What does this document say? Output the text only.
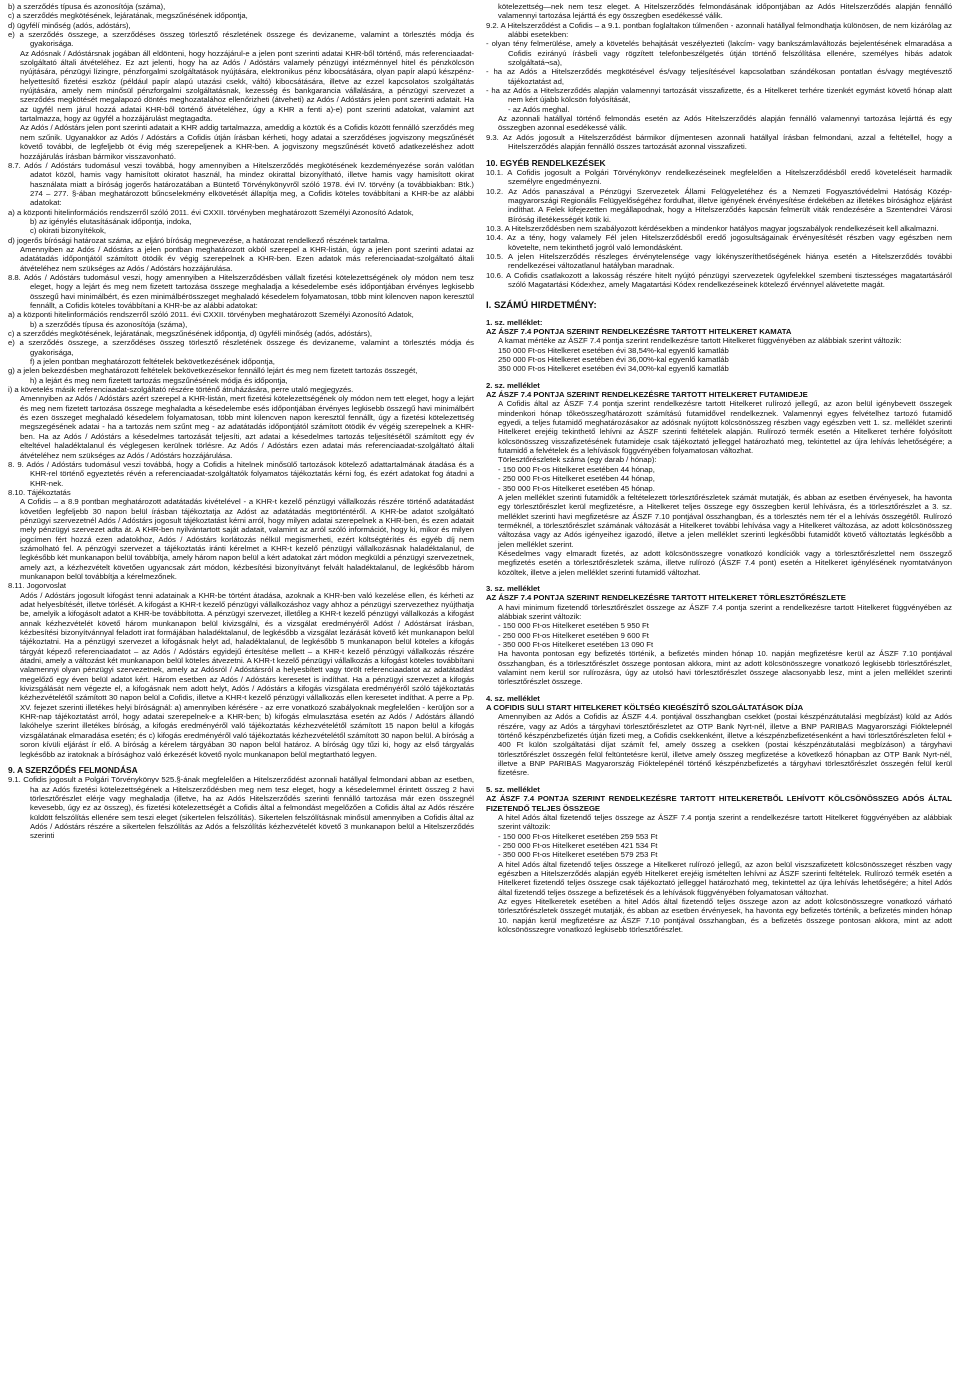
b) a szerződés típusa és azonosítója (száma),

c) a szerződés megkötésének, lejáratának, megszűnésének időpontja,

d) ügyfélí minőség (adós, adóstárs),

e) a szerződés összege, a szerződéses összeg törlesztő részletének összege és devizaneme, valamint a törlesztés módja és gyakorisága.

Az Adósnak / Adóstársnak jogában áll eldönteni, hogy hozzájárul-e a jelen pont szerinti adatai KHR-ből történő, más referenciaadat-szolgáltató általi átvételéhez. Ez azt jelenti, hogy ha az Adós / Adóstárs valamely pénzügyi intézménnyel hitel és pénzkölcsön nyújtására, pénzügyi lízingre, pénzforgalmi szolgáltatások nyújtására, elektronikus pénz kibocsátására, olyan papír alapú készpénz-helyettesítő fizetési eszköz (például papír alapú utazási csekk, váltó) kibocsátására, illetve az ezzel kapcsolatos szolgáltatás nyújtására, amely nem minősül pénzforgalmi szolgáltatásnak, kezesség és bankgarancia vállalására, a pénzügyi szervezet a szerződés megkötését megalapozó döntés meghozatalához ellenőrizheti (átveheti) az Adós / Adóstárs jelen pont szerinti adatait. Ha az ügyfél nem járul hozzá adatai KHR-ből történő átvételéhez, úgy a KHR a fenti a)-e) pont szerinti adatokat, valamint azt tartalmazza, hogy az ügyfél a hozzájárulást megtagadta.

Az Adós / Adóstárs jelen pont szerinti adatait a KHR addig tartalmazza, ameddig a köztük és a Cofidis között fennálló szerződés meg nem szűnik. Ugyanakkor az Adós / Adóstárs a Cofidis útján írásban kérheti, hogy adatai a szerződéses jogviszony megszűnését követő további, de legfeljebb öt évig még szerepeljenek a KHR-ben. A jogviszony megszűnését követő adatkezeléshez adott hozzájárulás írásban bármikor visszavonható.

8.7. Adós / Adóstárs tudomásul veszi továbbá, hogy amennyiben a Hitelszerződés megkötésének kezdeményezése során valótlan adatot közöl, hamis vagy hamisított okiratot használ, ha mindez okirattal bizonyítható, illetve hamis vagy hamisított okirat használata miatt a bíróság jogerős határozatában a Büntető Törvénykönyvről szóló 1978. évi IV. törvény (a továbbiakban: Btk.) 274 – 277. §-ában meghatározott bűncselekmény elkövetését állapítja meg, a Cofidis köteles továbbítani a KHR-be az alábbi adatokat:

a) a központi hitelinformációs rendszerről szóló 2011. évi CXXII. törvényben meghatározott Személyi Azonosító Adatok,

b) az igénylés elutasításának időpontja, indoka,

c) okirati bizonyítékok,

d) jogerős bírósági határozat száma, az eljáró bíróság megnevezése, a határozat rendelkező részének tartalma.

Amennyiben az Adós / Adóstárs a jelen pontban meghatározott okból szerepel a KHR-listán, úgy a jelen pont szerinti adatai az adatátadás időpontjától számított ötödik év végig szerepelnek a KHR-ben. Ezen adatok más referenciaadat-szolgáltató általi átvételéhez nem szükséges az Adós / Adóstárs hozzájárulása.

8.8. Adós / Adóstárs tudomásul veszi, hogy amennyiben a Hitelszerződésben vállalt fizetési kötelezettségének oly módon nem tesz eleget, hogy a lejárt és meg nem fizetett tartozása összege meghaladja a késedelembe esés időpontjában érvényes legkisebb összegű havi minimálbért, és ezen minimálbérösszeget meghaladó késedelem folyamatosan, több mint kilencven napon keresztül fennállt, a Cofidis köteles továbbítani a KHR-be az alábbi adatokat:

a) a központi hitelinformációs rendszerről szóló 2011. évi CXXII. törvényben meghatározott Személyi Azonosító Adatok,

b) a szerződés típusa és azonosítója (száma),

c) a szerződés megkötésének, lejáratának, megszűnésének időpontja, d) ügyféli minőség (adós, adóstárs),

e) a szerződés összege, a szerződéses összeg törlesztő részletének összege és devizaneme, valamint a törlesztés módja és gyakorisága,

f) a jelen pontban meghatározott feltételek bekövetkezésének időpontja,

g) a jelen bekezdésben meghatározott feltételek bekövetkezésekor fennálló lejárt és meg nem fizetett tartozás összegét,

h) a lejárt és meg nem fizetett tartozás megszűnésének módja és időpontja,

i) a követelés másik referenciaadat-szolgáltató részére történő átruházására, perre utaló megjegyzés.

Amennyiben az Adós / Adóstárs azért szerepel a KHR-listán, mert fizetési kötelezettségének oly módon nem tett eleget, hogy a lejárt és meg nem fizetett tartozása összege meghaladta a késedelembe esés időpontjában érvényes legkisebb összegű havi minimálbért és ezen összeget meghaladó késedelem folyamatosan, több mint kilencven napon keresztül fennállt, úgy a fizetési kötelezettség megszegésének adatai - ha a tartozás nem szűnt meg - az adatátadás időpontjától számított ötödik év végéig szerepelnek a KHR-ben. Ha az Adós / Adóstárs a késedelmes tartozását teljesíti, azt adatai a késedelmes tartozás teljesítésétől számított egy év elteltével haladéktalanul és véglegesen kerülnek törlésre. Az Adós / Adóstárs ezen adatai más referenciaadat-szolgáltató általi átvételéhez nem szükséges az Adós / Adóstárs hozzájárulása.

8. 9. Adós / Adóstárs tudomásul veszi továbbá, hogy a Cofidis a hitelnek minősülő tartozások kötelező adattartalmának átadása és a KHR-rel történő egyeztetés révén a referenciaadat-szolgáltatók folyamatos tájékoztatás kérni fog, és ezért adatokat fog átadni a KHR-nek.

8.10. Tájékoztatás

A Cofidis – a 8.9 pontban meghatározott adatátadás kivételével - a KHR-t kezelő pénzügyi vállalkozás részére történő adatátadást követően legfeljebb 30 napon belül írásban tájékoztatja az Adóst az adatátadás megtörténtéről. A KHR-be adatot szolgáltató pénzügyi szervezetnél Adós / Adóstárs jogosult tájékoztatást kérni arról, hogy milyen adatai szerepelnek a KHR-ben, és ezen adatait mely pénzügyi szervezet adta át. A KHR-ben nyilvántartott saját adatait, valamint az arról szóló információt, hogy ki, mikor és milyen jogcímen fért hozzá ezen adatokhoz, Adós / Adóstárs korlátozás nélkül megismerheti, ezért költségtérítés és egyéb díj nem számolható fel. A pénzügyi szervezet a tájékoztatás iránti kérelmet a KHR-t kezelő pénzügyi vállalkozásnak haladéktalanul, de legkésőbb két munkanapon belül továbbítja, amely három napon belül a kért adatokat zárt módon megküldi a pénzügyi szervezetnek, amely azt, a kézhezvételt követően ugyancsak zárt módon, kézbesítési bizonyítványt felvált haladéktalanul, de legkésőbb három munkanapon belül továbbítja a kérelmezőnek.

8.11. Jogorvoslat

Adós / Adóstárs jogosult kifogást tenni adatainak a KHR-be történt átadása, azoknak a KHR-ben való kezelése ellen, és kérheti az adat helyesbítését, illetve törlését. A kifogást a KHR-t kezelő pénzügyi vállalkozáshoz vagy ahhoz a pénzügyi szervezethez nyújthatja be, amelyik a kifogásolt adatot a KHR-be továbbította. A pénzügyi szervezet, illetőleg a KHR-t kezelő pénzügyi vállalkozás a kifogást annak kézhezvételét követő három munkanapon belül kivizsgálni, és a vizsgálat eredményéről Adóst / Adóstársat írásban, kézbesítési bizonyítvánnyal feladott irat formájában haladéktalanul, de legkésőbb a vizsgálat lezárását követő két munkanapon belül tájékoztatni. Ha a pénzügyi szervezet a kifogásnak helyt ad, haladéktalanul, de legkésőbb 5 munkanapon belül köteles a kifogás tárgyát képező referenciaadatot – az Adós / Adóstárs egyidejű értesítése mellett – a KHR-t kezelő pénzügyi vállalkozás részére átadni, amely a változást két munkanapon belül köteles átvezetni. A KHR-t kezelő pénzügyi vállalkozás a kifogást köteles továbbítani valamennyi olyan pénzügyi szervezetnek, amely az Adósról / Adóstársról a helyesbített vagy törölt referenciaadatot az adatátadást megelőző egy éven belül adatot kért. Három esetben az Adós / Adóstárs keresetet is indíthat. Ha a pénzügyi szervezet a kifogás kivizsgálását nem végezte el, a kifogásnak nem adott helyt, Adós / Adóstárs a kifogás vizsgálata eredményéről szóló tájékoztatás kézhezvételétől számított 30 napon belül a Cofidis, illetve a KHR-t kezelő pénzügyi vállalkozás ellen keresetet indíthat. A perre a Pp. XV. fejezet szerinti illetékes helyi bíróságnál: a) amennyiben kérésére - az erre vonatkozó szabályoknak megfelelően - kerüljön sor a KHR-nap tájékoztatást arról, hogy adatai szerepelnek-e a KHR-ben; b) kifogás elmulasztása esetén az Adós / Adóstárs állandó lakóhelye szerint illetékes bíróság, a kifogás eredményéről való tájékoztatás kézhezvételétől számított 15 napon belül a kifogás vizsgálatának elmaradása esetén; és c) kifogás eredményéről való tájékoztatás kézhezvételétől számított 30 napon belül. A bíróság a soron kívüli eljárást ír elő. A bíróság a kérelem tárgyában 30 napon belül határoz. A bíróság ügy tűzi ki, hogy az első tárgyalás legkésőbb az iratoknak a bírósághoz való érkezését követő nyolc munkanapon belül megtartható legyen.

9. A SZERZŐDÉS FELMONDÁSA

9.1. Cofidis jogosult a Polgári Törvénykönyv 525.§-ának megfelelően a Hitelszerződést azonnali hatállyal felmondani abban az esetben, ha az Adós fizetési kötelezettségének a Hitelszerződésben meg nem tesz eleget, hogy a késedelemmel érintett összeg 2 havi törlesztőrészlet elérje vagy meghaladja (illetve, ha az Adós Hitelszerződés szerinti fennálló tartozása már ezen összegnél kevesebb, úgy ez az összeg), és fizetési kötelezettségét a Cofidis által a felmondást megelőzően a Cofidis által az Adós részére küldött felszólítás ellenére sem teszi eleget (sikertelen felszólítás). Sikertelen felszólításnak minősül amennyiben a Cofidis által az Adós / Adóstárs részére a sikertelen felszólítás az Adós a felszólítás kézhezvételét követő 3 munkanapon belül a Hitelszerződés szerinti

kötelezettség—nek nem tesz eleget. A Hitelszerződés felmondásának időpontjában az Adós Hitelszerződés alapján fennálló valamennyi tartozása lejárttá és egy összegben esedékessé válik.

9.2. A Hitelszerződést a Cofidis – a 9.1. pontban foglaltakon túlmenően - azonnali hatállyal felmondhatja különösen, de nem kizárólag az alábbi esetekben:

- olyan tény felmerülése, amely a követelés behajtását veszélyezteti (lakcím- vagy bankszámlaváltozás bejelentésének elmaradása a Cofidis ezirányú írásbeli vagy rögzített telefonbeszélgetés útján történő felszólítása ellenére, személyes hibás adatok szolgáltatá¬sa),

- ha az Adós a Hitelszerződés megkötésével és/vagy teljesítésével kapcsolatban szándékosan pontatlan és/vagy megtévesztő tájékoztatást ad,

- ha az Adós a Hitelszerződés alapján valamennyi tartozását visszafizette, és a Hitelkeret terhére tizenkét egymást követő hónap alatt nem kért újabb kölcsön folyósítását,

- az Adós meghal.

Az azonnali hatállyal történő felmondás esetén az Adós Hitelszerződés alapján fennálló valamennyi tartozása lejárttá és egy összegben azonnal esedékessé válik.

9.3. Az Adós jogosult a Hitelszerződést bármikor díjmentesen azonnali hatállyal írásban felmondani, azzal a feltétellel, hogy a Hitelszerződés alapján fennálló összes tartozását azonnal visszafizeti.

10. EGYÉB RENDELKEZÉSEK

10.1. A Cofidis jogosult a Polgári Törvénykönyv rendelkezéseinek megfelelően a Hitelszerződésből eredő követeléseit harmadik személyre engedményezni.

10.2. Az Adós panaszával a Pénzügyi Szervezetek Állami Felügyeletéhez és a Nemzeti Fogyasztóvédelmi Hatóság Közép-magyarországi Regionális Felügyelőségéhez fordulhat, illetve igényének érvényesítése érdekében az illetékes bírósághoz eljárást indíthat. A Felek kifejezetten megállapodnak, hogy a Hitelszerződés kapcsán felmerült viták rendezésére a Szentendrei Városi Bíróság illetékességét kötik ki.

10.3. A Hitelszerződésben nem szabályozott kérdésekben a mindenkor hatályos magyar jogszabályok rendelkezéseit kell alkalmazni.

10.4. Az a tény, hogy valamely Fél jelen Hitelszerződésből eredő jogosultságainak érvényesítését részben vagy egészben nem követelte, nem tekinthető jogról való lemondásként.

10.5. A jelen Hitelszerződés részleges érvénytelensége vagy kikényszeríthetőségének hiánya esetén a Hitelszerződés további rendelkezései változatlanul hatályban maradnak.

10.6. A Cofidis csatlakozott a lakosság részére hitelt nyújtó pénzügyi szervezetek ügyfelekkel szembeni tisztességes magatartásáról szóló Magatartási Kódexhez, amely Magatartási Kódex rendelkezéseinek kötelező érvénnyel alávetette magát.

I. SZÁMÚ HIRDETMÉNY:

1. sz. melléklet:

AZ ÁSZF 7.4 PONTJA SZERINT RENDELKEZÉSRE TARTOTT HITELKERET KAMATA

A kamat mértéke az ÁSZF 7.4 pontja szerint rendelkezésre tartott Hitelkeret függvényében az alábbiak szerint változik:

150 000 Ft-os Hitelkeret esetében évi 38,54%-kal egyenlő kamatláb

250 000 Ft-os Hitelkeret esetében évi 36,00%-kal egyenlő kamatláb

350 000 Ft-os Hitelkeret esetében évi 34,00%-kal egyenlő kamatláb

2. sz. melléklet

AZ ÁSZF 7.4 PONTJA SZERINT RENDELKEZÉSRE TARTOTT HITELKERET FUTAMIDEJE

A Cofidis által az ÁSZF 7.4 pontja szerint rendelkezésre tartott Hitelkeret rulírozó jellegű, az azon belül igénybevett összegek mindenkori hónap tőkeösszeg/határozott számítású futamidővel rendelkeznek. Valamennyi egyes felvételhez tartozó futamidő egyedi, a teljes futamidő meghatározásakor az adósnak nyújtott kölcsönösszeg részben vagy egészben vett 1. sz. melléklet szerinti Hitelkeret erejéig tekinthető lehívni az ÁSZF szerinti feltételek alapján. Rulírozó termék esetén a Hitelkeret terhére folyósított kölcsönösszeg visszafizetésének futamideje csak tájékoztató jelleggel határozható meg, tekintettel az újra lehívás lehetőségére; a futamidő a felvételek és a lehívások függvényében folyamatosan változhat.

Törlesztőrészletek száma (egy darab / hónap):

- 150 000 Ft-os Hitelkeret esetében 44 hónap,

- 250 000 Ft-os Hitelkeret esetében 44 hónap,

- 350 000 Ft-os Hitelkeret esetében 45 hónap.

A jelen melléklet szerinti futamidők a feltételezett törlesztőrészletek számát mutatják, és abban az esetben érvényesek, ha havonta egy törlesztőrészlet kerül megfizetésre, a Hitelkeret teljes összege egy összegben kerül lehívásra, és a törlesztőrészlet a 3. sz. melléklet szerinti havi megfizetésre az ÁSZF 7.10 pontjával összhangban, és a törlesztés nem tér el a lehívás összegétől. Rulírozó terméknél, a törlesztőrészlet számának változását a Hitelkeret további lehívása vagy a Hitelkeret változása, az adott kölcsönösszeg változása vagy az Adós igényeihez igazodó, illetve a jelen melléklet szerinti legkésőbbi futamidőt követő változtatás legkésőbb a jelen melléklet szerint.

Késedelmes vagy elmaradt fizetés, az adott kölcsönösszegre vonatkozó kondíciók vagy a törlesztőrészlettel nem összegző megfizetés esetén a törlesztőrészletek száma, illetve rulírozó (ÁSZF 7.4 pont) esetén a Hitelkeret igénylésének nyomtatványon közöltek, illetve a jelen melléklet szerinti futamidő változhat.

3. sz. melléklet

AZ ÁSZF 7.4 PONTJA SZERINT RENDELKEZÉSRE TARTOTT HITELKERET TÖRLESZTŐRÉSZLETE

A havi minimum fizetendő törlesztőrészlet összege az ÁSZF 7.4 pontja szerint a rendelkezésre tartott Hitelkeret függvényében az alábbiak szerint változik:

- 150 000 Ft-os Hitelkeret esetében 5 950 Ft

- 250 000 Ft-os Hitelkeret esetében 9 600 Ft

- 350 000 Ft-os Hitelkeret esetében 13 090 Ft

Ha havonta pontosan egy befizetés történik, a befizetés minden hónap 10. napján megfizetésre kerül az ÁSZF 7.10 pontjával összhangban, és a törlesztőrészlet összege pontosan akkora, mint az adott kölcsönösszegre vonatkozó legkisebb törlesztőrészlet, valamint nem kerül sor rulírozásra, úgy az utolsó havi törlesztőrészlet összege alacsonyabb lesz, mint a jelen melléklet szerinti törlesztőrészlet összege.

4. sz. melléklet

A COFIDIS SULI START HITELKERET KÖLTSÉG KIEGÉSZÍTŐ SZOLGÁLTATÁSOK DÍJA

Amennyiben az Adós a Cofidis az ÁSZF 4.4. pontjával összhangban csekket (postai készpénzátutalási megbízást) küld az Adós részére, vagy az Adós a tárgyhavi törlesztőrészletet az OTP Bank Nyrt-nél, illetve a BNP PARIBAS Magyarországi Fióktelepnél történő készpénzbefizetés útján fizeti meg, a Cofidis csekkenként, illetve a készpénzbefizetésenként a havi törlesztőrészleten felül + 400 Ft külön szolgáltatási díjat számít fel, amely összeg a csekken (postai készpénzátutalási megbízáson) a tárgyhavi törlesztőrészlet összegén felül feltüntetésre kerül, illetve amely összeg megfizetése a következő hónapban az OTP Bank Nyrt-nél, illetve a BNP PARIBAS Magyarország Fióktelepénél történő készpénzbefizetés a tárgyhavi törlesztőrészlet összegén felül kerül fizetésre.

5. sz. melléklet

AZ ÁSZF 7.4 PONTJA SZERINT RENDELKEZÉSRE TARTOTT HITELKERETBŐL LEHÍVOTT KÖLCSÖNÖSSZEG ADÓS ÁLTAL FIZETENDŐ TELJES ÖSSZEGE

A hitel Adós által fizetendő teljes összege az ÁSZF 7.4 pontja szerint a rendelkezésre tartott Hitelkeret függvényében az alábbiak szerint változik:

- 150 000 Ft-os Hitelkeret esetében 259 553 Ft

- 250 000 Ft-os Hitelkeret esetében 421 534 Ft

- 350 000 Ft-os Hitelkeret esetében 579 253 Ft

A hitel Adós által fizetendő teljes összege a Hitelkeret rulírozó jellegű, az azon belül viszszafizetett kölcsönösszeget részben vagy egészben a Hitelszerződés alapján egyéb Hitelkeret erejéig ismételten lehívni az ÁSZF szerinti feltételek. Rulírozó termék esetén a Hitelkeret fizetendő teljes összege csak tájékoztató jelleggel határozható meg, tekintettel az újra lehívás lehetőségére; a hitel Adós által fizetendő teljes összege a befizetések és a lehívások függvényében folyamatosan változhat.

Az egyes Hitelkeretek esetében a hitel Adós által fizetendő teljes összege azon az adott kölcsönösszegre vonatkozó várható törlesztőrészletek összegét mutatják, és abban az esetben érvényesek, ha havonta egy befizetés történik, a befizetés minden hónap 10. napján kerül megfizetésre az ÁSZF 7.10 pontjával összhangban, és a befizetés összege pontosan akkora, mint az adott kölcsönösszegre vonatkozó legkisebb törlesztőrészlet.
